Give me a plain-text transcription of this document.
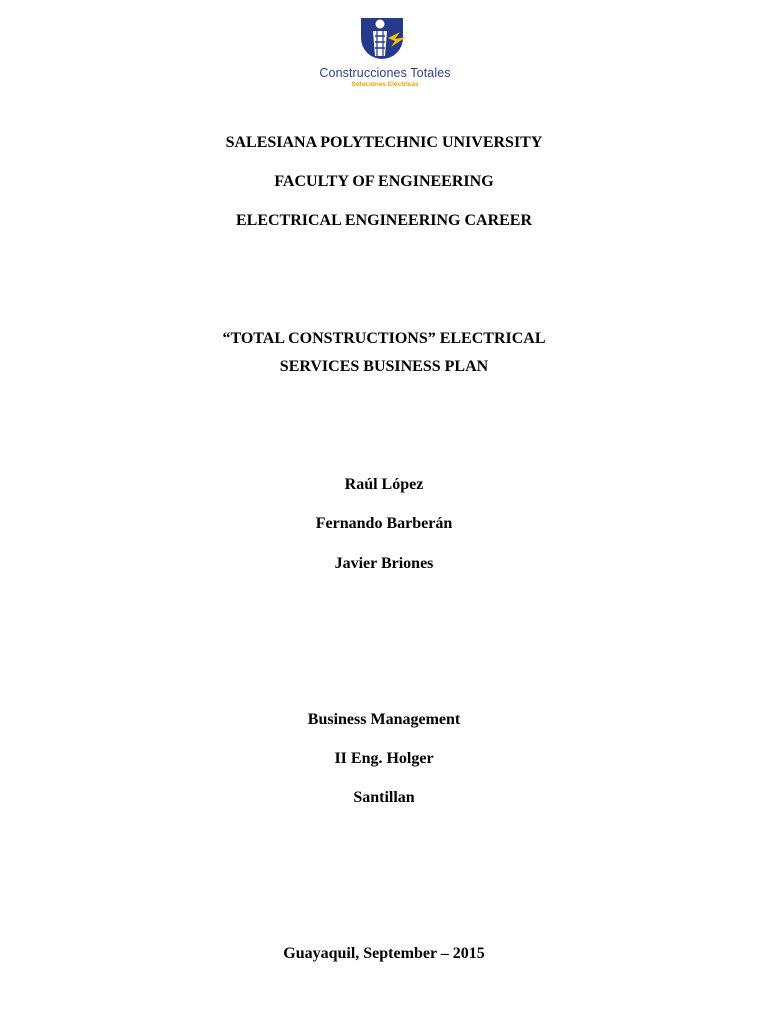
Construcciones Totales
Soluciones Eléctricas
SALESIANA POLYTECHNIC UNIVERSITY
FACULTY OF ENGINEERING
ELECTRICAL ENGINEERING CAREER
“TOTAL CONSTRUCTIONS” ELECTRICAL
SERVICES BUSINESS PLAN
Raúl López
Fernando Barberán
Javier Briones
Business Management
II Eng. Holger
Santillan
Guayaquil, September – 2015
